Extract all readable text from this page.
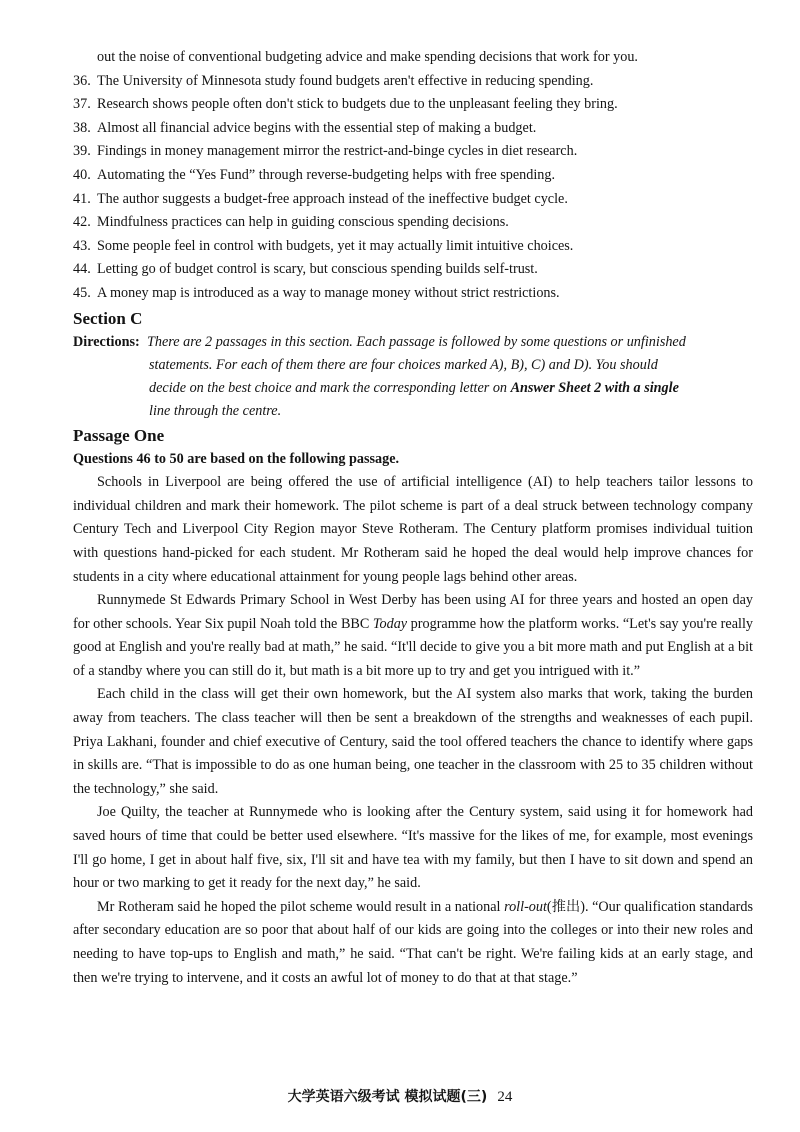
out the noise of conventional budgeting advice and make spending decisions that work for you.
36. The University of Minnesota study found budgets aren't effective in reducing spending.
37. Research shows people often don't stick to budgets due to the unpleasant feeling they bring.
38. Almost all financial advice begins with the essential step of making a budget.
39. Findings in money management mirror the restrict-and-binge cycles in diet research.
40. Automating the “Yes Fund” through reverse-budgeting helps with free spending.
41. The author suggests a budget-free approach instead of the ineffective budget cycle.
42. Mindfulness practices can help in guiding conscious spending decisions.
43. Some people feel in control with budgets, yet it may actually limit intuitive choices.
44. Letting go of budget control is scary, but conscious spending builds self-trust.
45. A money map is introduced as a way to manage money without strict restrictions.
Section C
Directions: There are 2 passages in this section. Each passage is followed by some questions or unfinished
statements. For each of them there are four choices marked A), B), C) and D). You should
decide on the best choice and mark the corresponding letter on Answer Sheet 2 with a single
line through the centre.
Passage One
Questions 46 to 50 are based on the following passage.
Schools in Liverpool are being offered the use of artificial intelligence (AI) to help teachers tailor lessons to individual children and mark their homework. The pilot scheme is part of a deal struck between technology company Century Tech and Liverpool City Region mayor Steve Rotheram. The Century platform promises individual tuition with questions hand-picked for each student. Mr Rotheram said he hoped the deal would help improve chances for students in a city where educational attainment for young people lags behind other areas.
Runnymede St Edwards Primary School in West Derby has been using AI for three years and hosted an open day for other schools. Year Six pupil Noah told the BBC Today programme how the platform works. “Let's say you're really good at English and you're really bad at math,” he said. “It'll decide to give you a bit more math and put English at a bit of a standby where you can still do it, but math is a bit more up to try and get you intrigued with it.”
Each child in the class will get their own homework, but the AI system also marks that work, taking the burden away from teachers. The class teacher will then be sent a breakdown of the strengths and weaknesses of each pupil. Priya Lakhani, founder and chief executive of Century, said the tool offered teachers the chance to identify where gaps in skills are. “That is impossible to do as one human being, one teacher in the classroom with 25 to 35 children without the technology,” she said.
Joe Quilty, the teacher at Runnymede who is looking after the Century system, said using it for homework had saved hours of time that could be better used elsewhere. “It's massive for the likes of me, for example, most evenings I'll go home, I get in about half five, six, I'll sit and have tea with my family, but then I have to sit down and spend an hour or two marking to get it ready for the next day,” he said.
Mr Rotheram said he hoped the pilot scheme would result in a national roll-out(推出). “Our qualification standards after secondary education are so poor that about half of our kids are going into the colleges or into their new roles and needing to have top-ups to English and math,” he said. “That can't be right. We're failing kids at an early stage, and then we're trying to intervene, and it costs an awful lot of money to do that at that stage.”
大学英语六级考试 模拟试题(三) 24
